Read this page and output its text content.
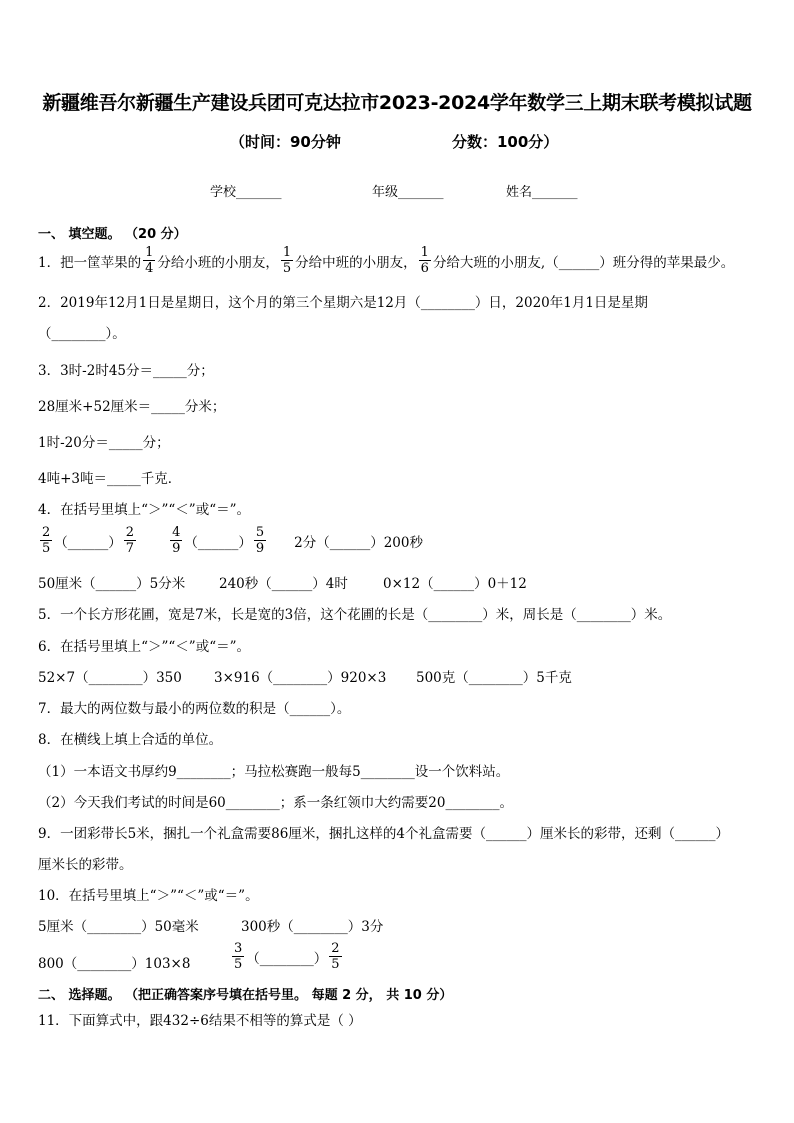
新疆维吾尔新疆生产建设兵团可克达拉市2023-2024学年数学三上期末联考模拟试题
（时间：90分钟	分数：100分）
学校_______	年级_______	姓名_______
一、 填空题。 （20 分）
1．把一筐苹果的 $\frac{1}{4}$ 分给小班的小朋友， $\frac{1}{5}$ 分给中班的小朋友， $\frac{1}{6}$ 分给大班的小朋友,（______）班分得的苹果最少。
2．2019年12月1日是星期日，这个月的第三个星期六是12月（________）日，2020年1月1日是星期
（________）。
3．3时-2时45分＝_____分；
28厘米+52厘米＝_____分米；
1时-20分＝_____分；
4吨+3吨＝_____千克．
4．在括号里填上“＞”“＜”或“＝”。
$\frac{2}{5}$ （______） $\frac{2}{7}$	$\frac{4}{9}$ （______） $\frac{5}{9} 2$分（______）200秒
50厘米（______）5分米 240秒（______）4时	0×12（______）0＋12
5．一个长方形花圃，宽是7米，长是宽的3倍，这个花圃的长是（________）米，周长是（________）米。
6．在括号里填上“＞”“＜”或“＝”。
52×7（________）350 3×916（________）920×3 500克（________）5千克
7．最大的两位数与最小的两位数的积是（______）。
8．在横线上填上合适的单位。
（1）一本语文书厚约9________；马拉松赛跑一般每5________设一个饮料站。
（2）今天我们考试的时间是60________；系一条红领巾大约需要20________。
9．一团彩带长5米，捆扎一个礼盒需要86厘米，捆扎这样的4个礼盒需要（______）厘米长的彩带，还剩（______）
厘米长的彩带。
10．在括号里填上“＞”“＜”或“＝”。
5厘米（________）50毫米	300秒（________）3分
800（________）103×8	$\frac{3}{5}$ （________） $\frac{2}{5}$
二、 选择题。 （把正确答案序号填在括号里。 每题 2 分， 共 10 分）
11．下面算式中，跟432÷6结果不相等的算式是（ ）
